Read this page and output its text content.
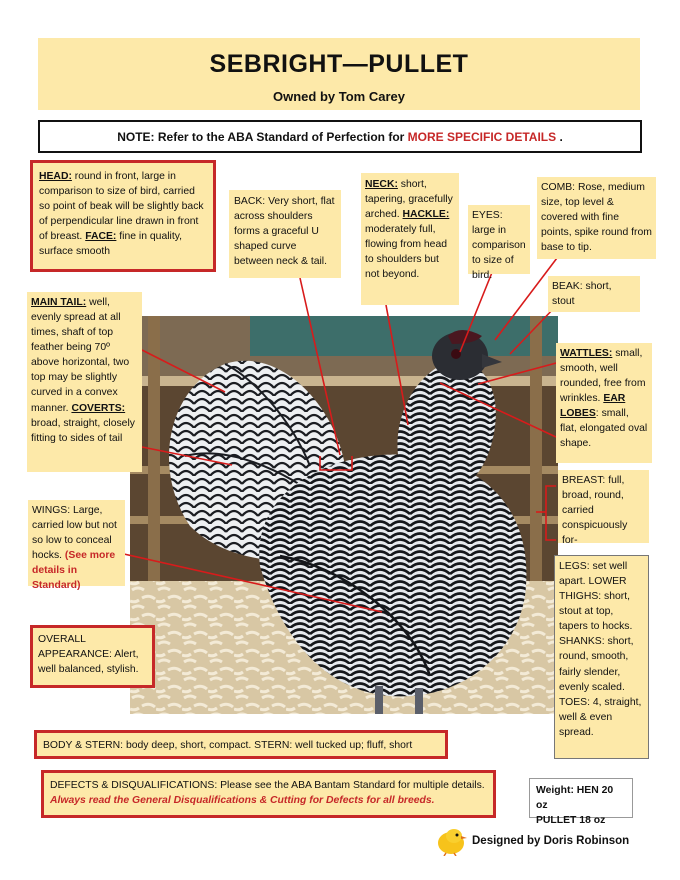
SEBRIGHT—PULLET
Owned by Tom Carey
NOTE: Refer to the ABA Standard of Perfection for MORE SPECIFIC DETAILS .
HEAD: round in front, large in comparison to size of bird, carried so point of beak will be slightly back of perpendicular line drawn in front of breast. FACE: fine in quality, surface smooth
BACK: Very short, flat across shoulders forms a graceful U shaped curve between neck & tail.
NECK: short, tapering, gracefully arched. HACKLE: moderately full, flowing from head to shoulders but not beyond.
EYES: large in comparison to size of bird.
COMB: Rose, medium size, top level & covered with fine points, spike round from base to tip.
BEAK: short, stout
MAIN TAIL: well, evenly spread at all times, shaft of top feather being 70º above horizontal, two top may be slightly curved in a convex manner. COVERTS: broad, straight, closely fitting to sides of tail
WATTLES: small, smooth, well rounded, free from wrinkles. EAR LOBES: small, flat, elongated oval shape.
BREAST: full, broad, round, carried conspicuously for-
WINGS: Large, carried low but not so low to conceal hocks. (See more details in Standard)
OVERALL APPEARANCE: Alert, well balanced, stylish.
LEGS: set well apart. LOWER THIGHS: short, stout at top, tapers to hocks. SHANKS: short, round, smooth, fairly slender, evenly scaled. TOES: 4, straight, well & even spread.
BODY & STERN: body deep, short, compact. STERN: well tucked up; fluff, short
DEFECTS & DISQUALIFICATIONS: Please see the ABA Bantam Standard for multiple details. Always read the General Disqualifications & Cutting for Defects for all breeds.
Weight: HEN 20 oz
PULLET 18 oz
Designed by Doris Robinson
